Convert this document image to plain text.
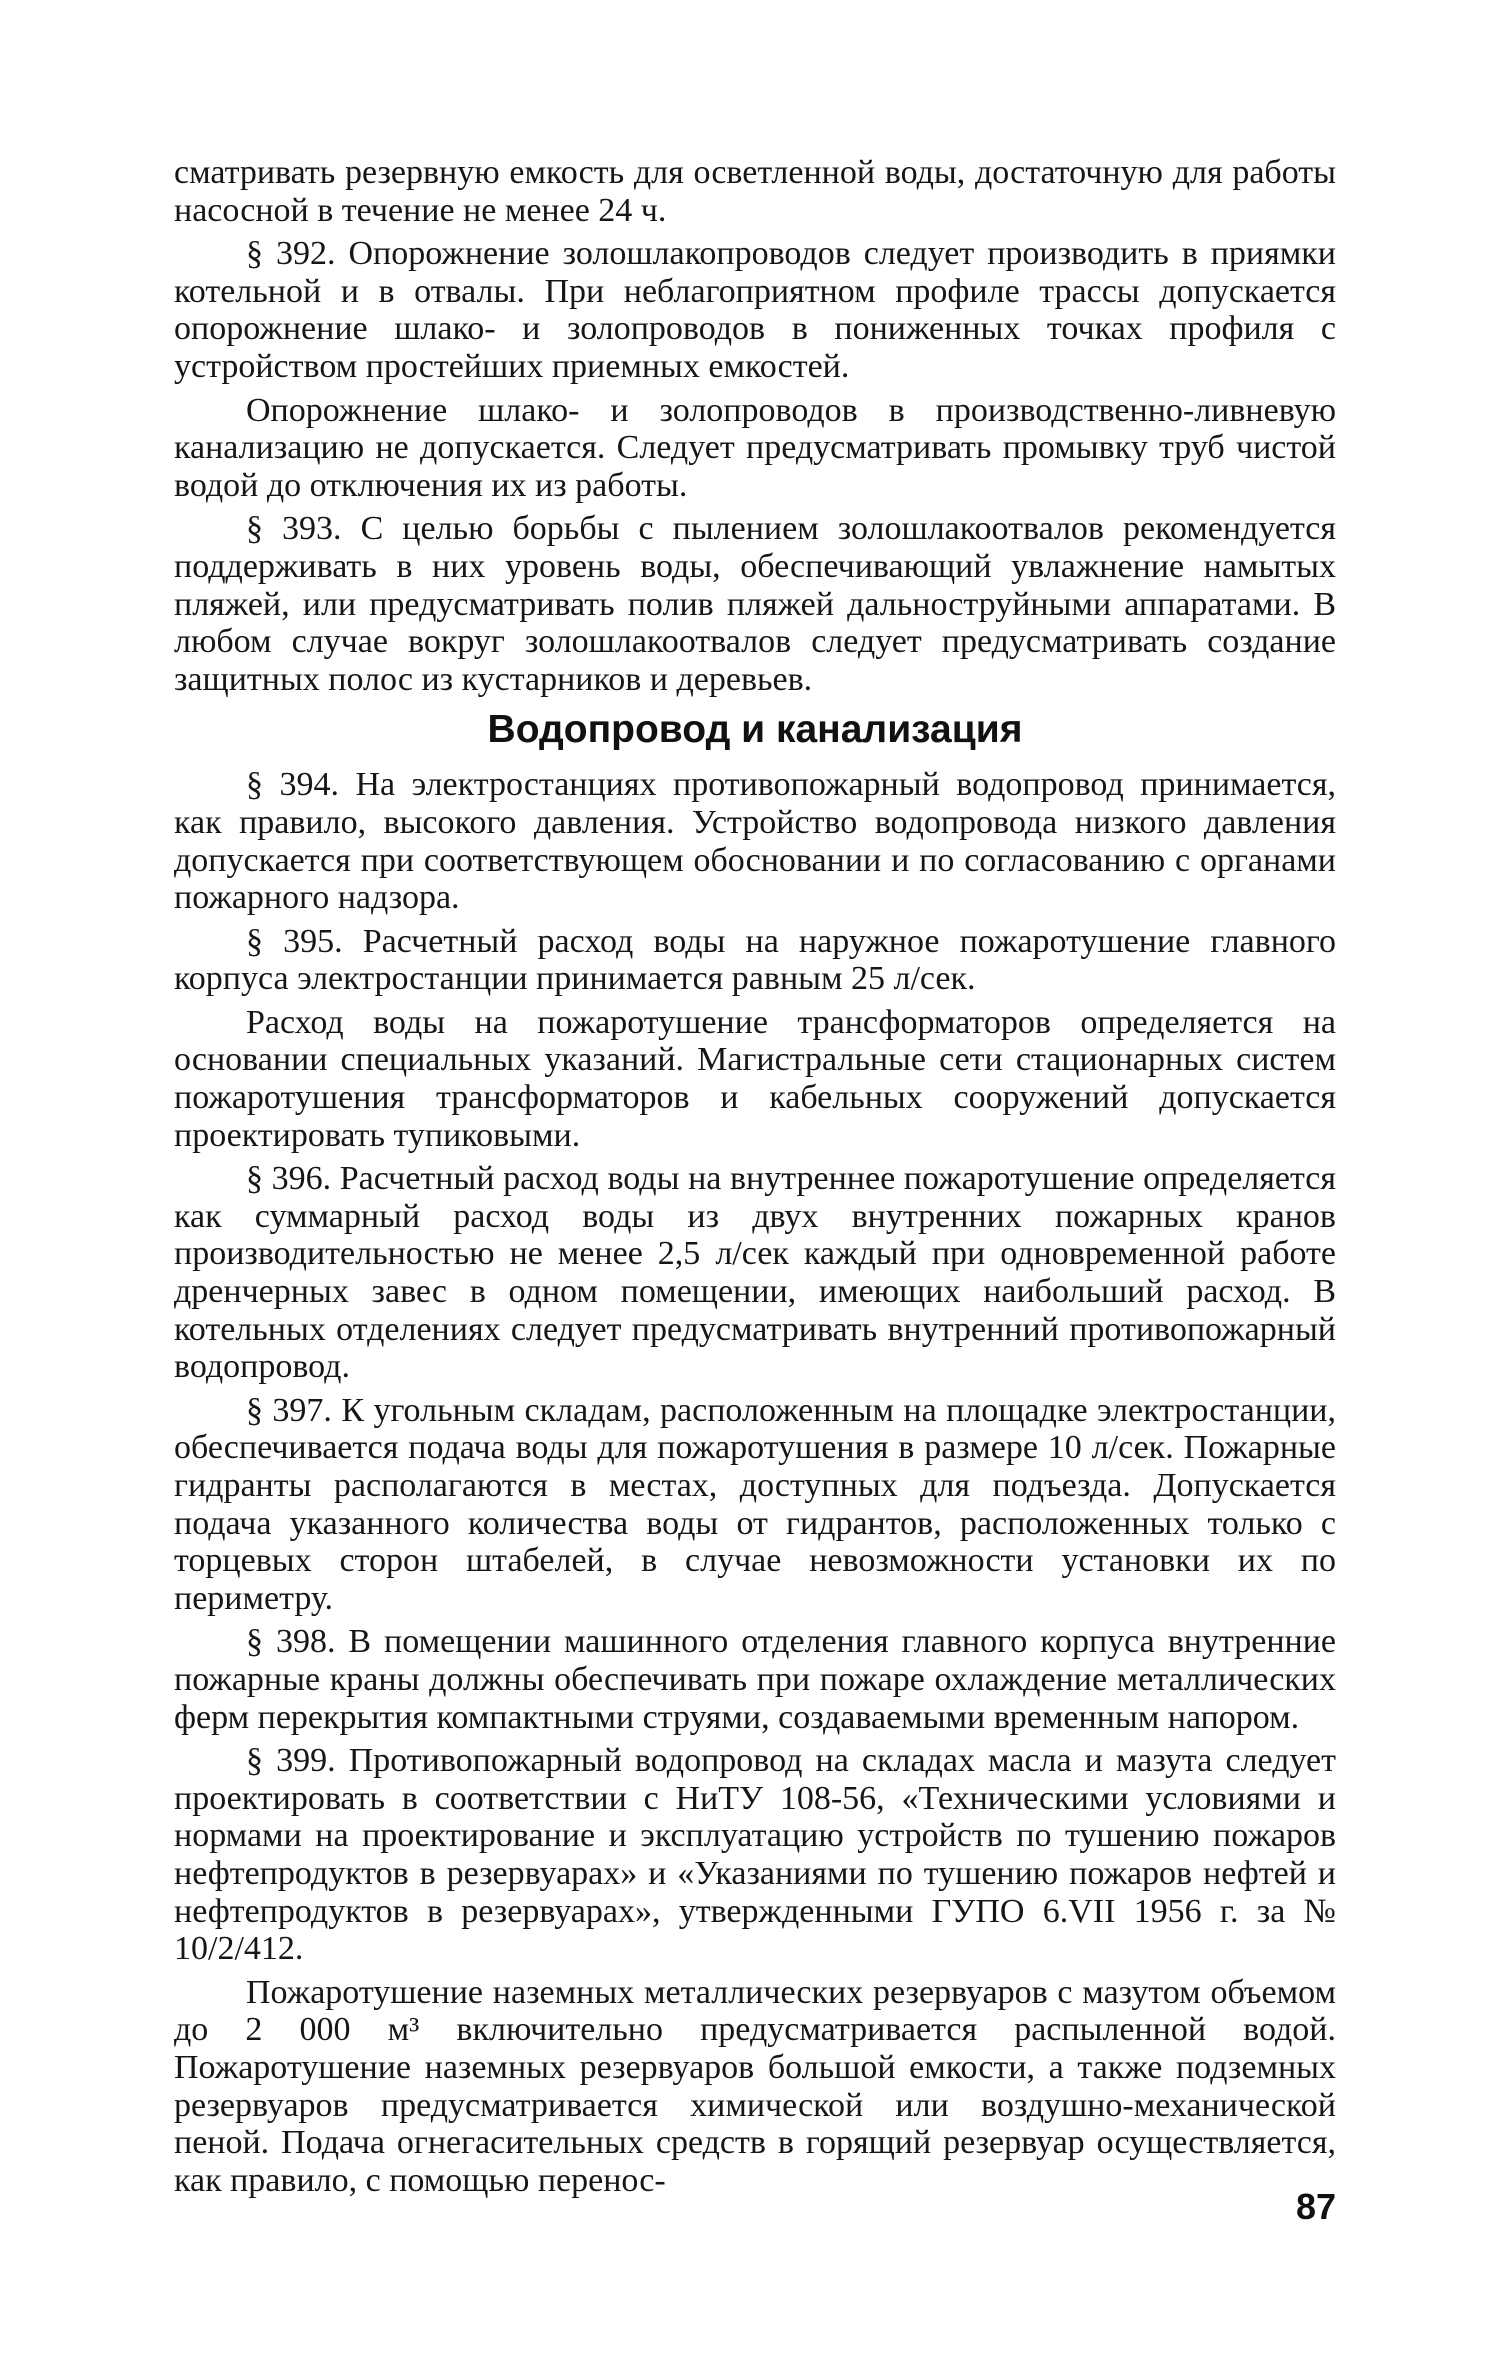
сматривать резервную емкость для осветленной воды, достаточную для работы насосной в течение не менее 24 ч.

§ 392. Опорожнение золошлакопроводов следует производить в приямки котельной и в отвалы. При неблагоприятном профиле трассы допускается опорожнение шлако- и золопроводов в пониженных точках профиля с устройством простейших приемных емкостей.

Опорожнение шлако- и золопроводов в производственно-ливневую канализацию не допускается. Следует предусматривать промывку труб чистой водой до отключения их из работы.

§ 393. С целью борьбы с пылением золошлакоотвалов рекомендуется поддерживать в них уровень воды, обеспечивающий увлажнение намытых пляжей, или предусматривать полив пляжей дальноструйными аппаратами. В любом случае вокруг золошлакоотвалов следует предусматривать создание защитных полос из кустарников и деревьев.

Водопровод и канализация

§ 394. На электростанциях противопожарный водопровод принимается, как правило, высокого давления. Устройство водопровода низкого давления допускается при соответствующем обосновании и по согласованию с органами пожарного надзора.

§ 395. Расчетный расход воды на наружное пожаротушение главного корпуса электростанции принимается равным 25 л/сек.

Расход воды на пожаротушение трансформаторов определяется на основании специальных указаний. Магистральные сети стационарных систем пожаротушения трансформаторов и кабельных сооружений допускается проектировать тупиковыми.

§ 396. Расчетный расход воды на внутреннее пожаротушение определяется как суммарный расход воды из двух внутренних пожарных кранов производительностью не менее 2,5 л/сек каждый при одновременной работе дренчерных завес в одном помещении, имеющих наибольший расход. В котельных отделениях следует предусматривать внутренний противопожарный водопровод.

§ 397. К угольным складам, расположенным на площадке электростанции, обеспечивается подача воды для пожаротушения в размере 10 л/сек. Пожарные гидранты располагаются в местах, доступных для подъезда. Допускается подача указанного количества воды от гидрантов, расположенных только с торцевых сторон штабелей, в случае невозможности установки их по периметру.

§ 398. В помещении машинного отделения главного корпуса внутренние пожарные краны должны обеспечивать при пожаре охлаждение металлических ферм перекрытия компактными струями, создаваемыми временным напором.

§ 399. Противопожарный водопровод на складах масла и мазута следует проектировать в соответствии с НиТУ 108-56, «Техническими условиями и нормами на проектирование и эксплуатацию устройств по тушению пожаров нефтепродуктов в резервуарах» и «Указаниями по тушению пожаров нефтей и нефтепродуктов в резервуарах», утвержденными ГУПО 6.VII 1956 г. за № 10/2/412.

Пожаротушение наземных металлических резервуаров с мазутом объемом до 2 000 м³ включительно предусматривается распыленной водой. Пожаротушение наземных резервуаров большой емкости, а также подземных резервуаров предусматривается химической или воздушно-механической пеной. Подача огнегасительных средств в горящий резервуар осуществляется, как правило, с помощью перенос-

87
